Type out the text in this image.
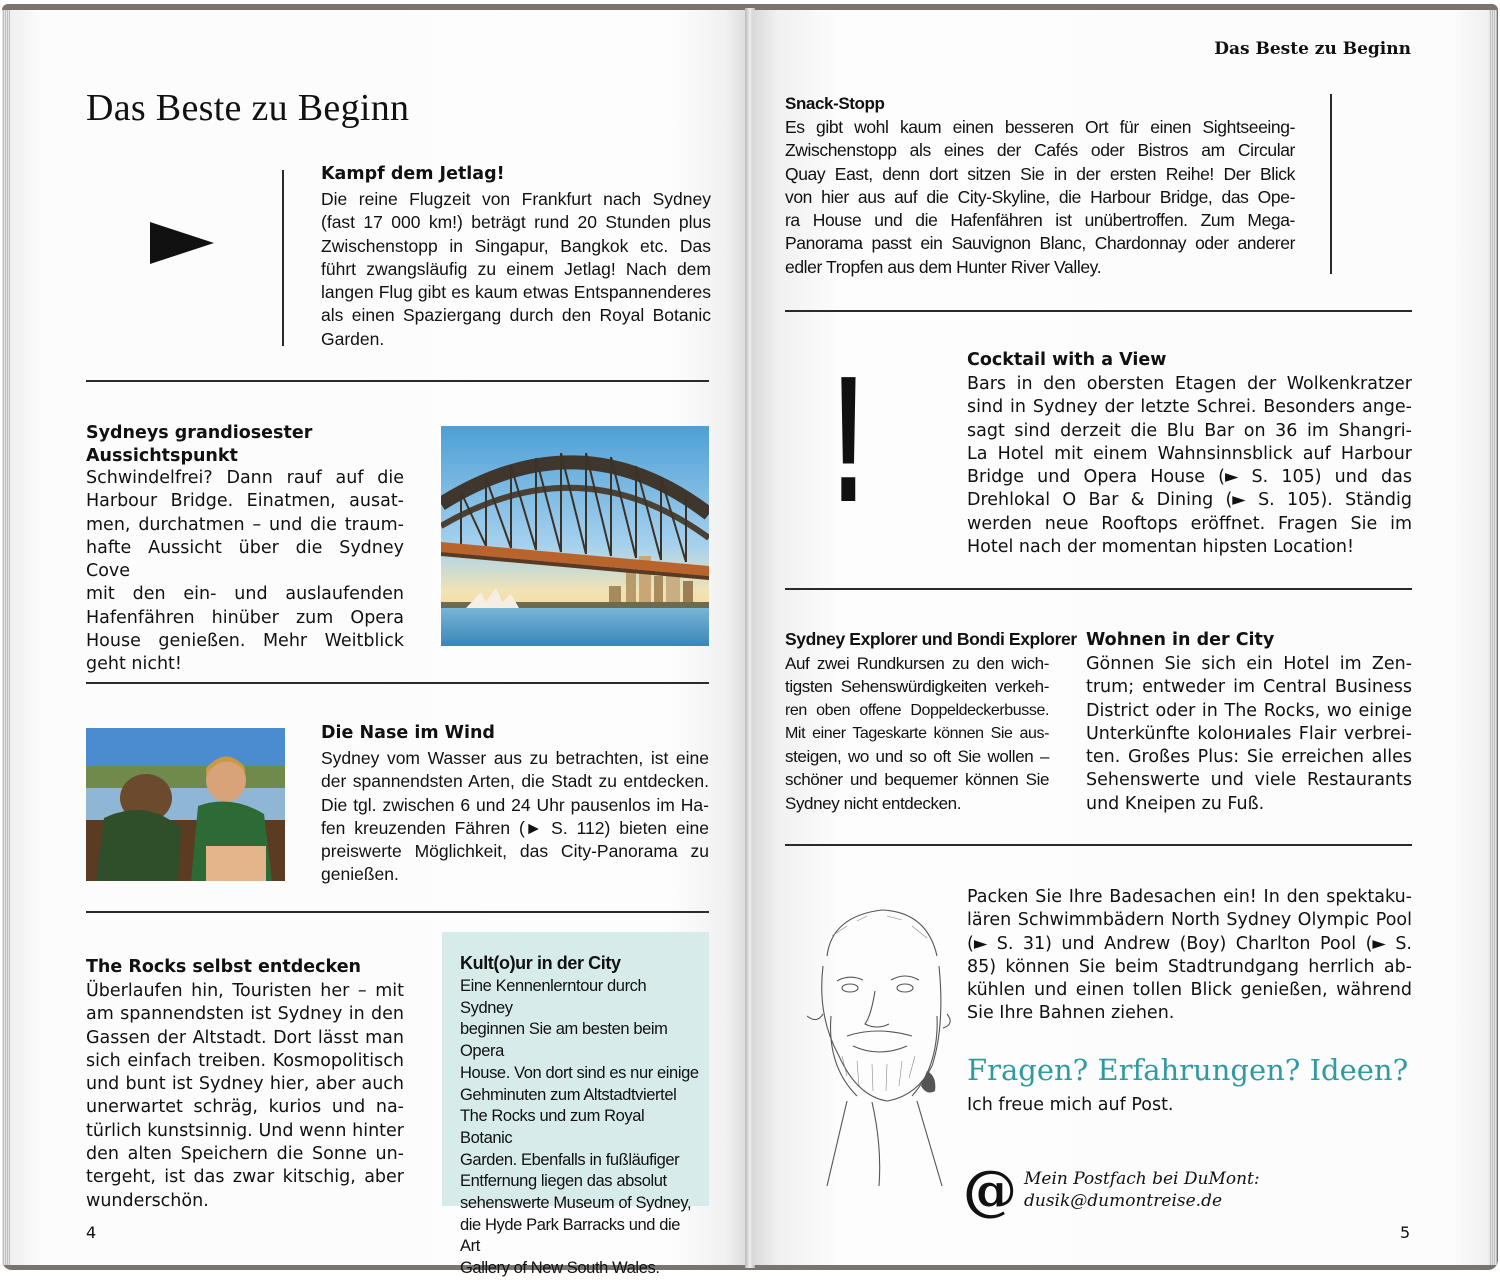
Das Beste zu Beginn
Kampf dem Jetlag!
Die reine Flugzeit von Frankfurt nach Sydney
(fast 17 000 km!) beträgt rund 20 Stunden plus
Zwischenstopp in Singapur, Bangkok etc. Das
führt zwangsläufig zu einem Jetlag! Nach dem
langen Flug gibt es kaum etwas Entspannenderes
als einen Spaziergang durch den Royal Botanic
Garden.
Sydneys grandiosester
Aussichtspunkt
Schwindelfrei? Dann rauf auf die
Harbour Bridge. Einatmen, ausat-
men, durchatmen – und die traum-
hafte Aussicht über die Sydney Cove
mit den ein- und auslaufenden
Hafenfähren hinüber zum Opera
House genießen. Mehr Weitblick
geht nicht!
Die Nase im Wind
Sydney vom Wasser aus zu betrachten, ist eine
der spannendsten Arten, die Stadt zu entdecken.
Die tgl. zwischen 6 und 24 Uhr pausenlos im Ha-
fen kreuzenden Fähren (► S. 112) bieten eine
preiswerte Möglichkeit, das City-Panorama zu
genießen.
The Rocks selbst entdecken
Überlaufen hin, Touristen her – mit
am spannendsten ist Sydney in den
Gassen der Altstadt. Dort lässt man
sich einfach treiben. Kosmopolitisch
und bunt ist Sydney hier, aber auch
unerwartet schräg, kurios und na-
türlich kunstsinnig. Und wenn hinter
den alten Speichern die Sonne un-
tergeht, ist das zwar kitschig, aber
wunderschön.
Kult(o)ur in der City
Eine Kennenlerntour durch Sydney
beginnen Sie am besten beim Opera
House. Von dort sind es nur einige
Gehminuten zum Altstadtviertel
The Rocks und zum Royal Botanic
Garden. Ebenfalls in fußläufiger
Entfernung liegen das absolut
sehenswerte Museum of Sydney,
die Hyde Park Barracks und die Art
Gallery of New South Wales.
4
Das Beste zu Beginn
Snack-Stopp
Es gibt wohl kaum einen besseren Ort für einen Sightseeing-
Zwischenstopp als eines der Cafés oder Bistros am Circular
Quay East, denn dort sitzen Sie in der ersten Reihe! Der Blick
von hier aus auf die City-Skyline, die Harbour Bridge, das Ope-
ra House und die Hafenfähren ist unübertroffen. Zum Mega-
Panorama passt ein Sauvignon Blanc, Chardonnay oder anderer
edler Tropfen aus dem Hunter River Valley.
!	Cocktail with a View
Bars in den obersten Etagen der Wolkenkratzer
sind in Sydney der letzte Schrei. Besonders ange-
sagt sind derzeit die Blu Bar on 36 im Shangri-
La Hotel mit einem Wahnsinnsblick auf Harbour
Bridge und Opera House (► S. 105) und das
Drehlokal O Bar & Dining (► S. 105). Ständig
werden neue Rooftops eröffnet. Fragen Sie im
Hotel nach der momentan hipsten Location!
Sydney Explorer und Bondi Explorer
Auf zwei Rundkursen zu den wich-
tigsten Sehenswürdigkeiten verkeh-
ren oben offene Doppeldeckerbusse.
Mit einer Tageskarte können Sie aus-
steigen, wo und so oft Sie wollen –
schöner und bequemer können Sie
Sydney nicht entdecken.
Wohnen in der City
Gönnen Sie sich ein Hotel im Zen-
trum; entweder im Central Business
District oder in The Rocks, wo einige
Unterkünfte kolониales Flair verbrei-
ten. Großes Plus: Sie erreichen alles
Sehenswerte und viele Restaurants
und Kneipen zu Fuß.
Packen Sie Ihre Badesachen ein! In den spektaku-
lären Schwimmbädern North Sydney Olympic Pool
(► S. 31) und Andrew (Boy) Charlton Pool (► S.
85) können Sie beim Stadtrundgang herrlich ab-
kühlen und einen tollen Blick genießen, während
Sie Ihre Bahnen ziehen.
Fragen? Erfahrungen? Ideen?
Ich freue mich auf Post.
@ Mein Postfach bei DuMont:
dusik@dumontreise.de
5
